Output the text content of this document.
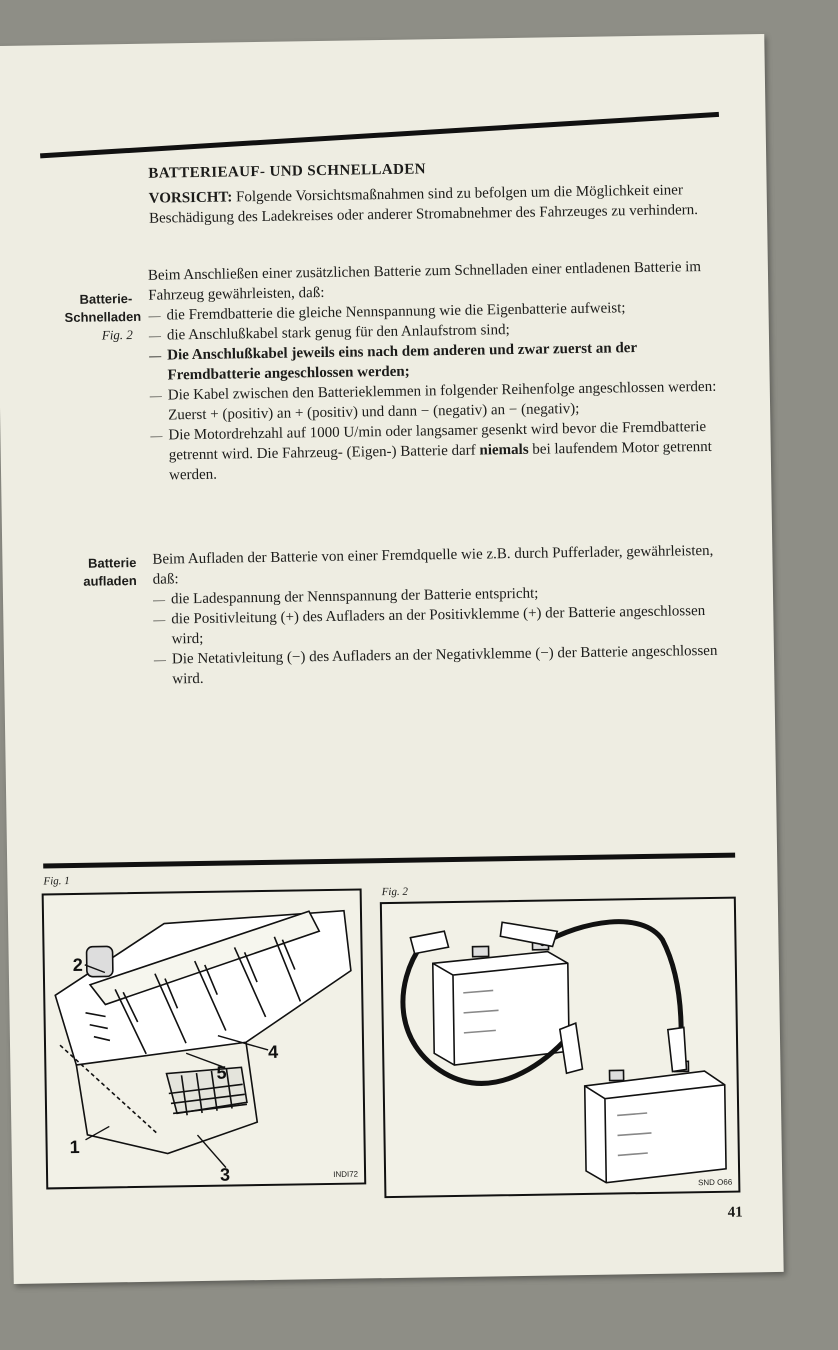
BATTERIEAUF- UND SCHNELLADEN

VORSICHT: Folgende Vorsichtsmaßnahmen sind zu befolgen um die Möglichkeit einer Beschädigung des Ladekreises oder anderer Stromabnehmer des Fahrzeuges zu verhindern.

Batterie-
Schnelladen
Fig. 2
Beim Anschließen einer zusätzlichen Batterie zum Schnelladen einer entladenen Batterie im Fahrzeug gewährleisten, daß:
— die Fremdbatterie die gleiche Nennspannung wie die Eigenbatterie aufweist;
— die Anschlußkabel stark genug für den Anlaufstrom sind;
— Die Anschlußkabel jeweils eins nach dem anderen und zwar zuerst an der Fremdbatterie angeschlossen werden;
— Die Kabel zwischen den Batterieklemmen in folgender Reihenfolge angeschlossen werden: Zuerst + (positiv) an + (positiv) und dann − (negativ) an − (negativ);
— Die Motordrehzahl auf 1000 U/min oder langsamer gesenkt wird bevor die Fremdbatterie getrennt wird. Die Fahrzeug- (Eigen-) Batterie darf niemals bei laufendem Motor getrennt werden.
Batterie
aufladen
Beim Aufladen der Batterie von einer Fremdquelle wie z.B. durch Pufferlader, gewährleisten, daß:
— die Ladespannung der Nennspannung der Batterie entspricht;
— die Positivleitung (+) des Aufladers an der Positivklemme (+) der Batterie angeschlossen wird;
— Die Netativleitung (−) des Aufladers an der Negativklemme (−) der Batterie angeschlossen wird.
Fig. 1
2
1
3
4
5
INDI72
Fig. 2
SND O66
41
